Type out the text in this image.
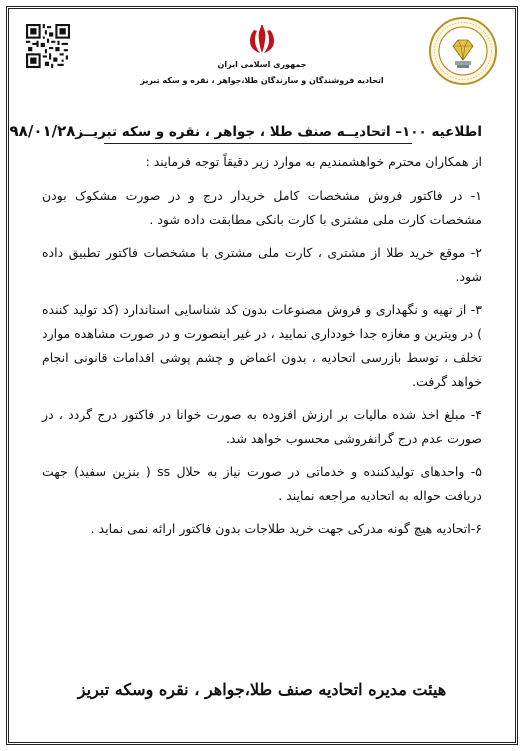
جمهوری اسلامی ایران
اتحادیه فروشندگان و سازندگان طلا،جواهر ، نقره و سکه تبریز
اطلاعیه ۱۰۰– اتحادیــه صنف طلا ، جواهر ، نقره و سکه تبریــز
۹۸/۰۱/۲۸

از همکاران محترم خواهشمندیم به موارد زیر دقیقاً توجه فرمایند :

۱- در فاکتور فروش مشخصات کامل خریدار درج و در صورت مشکوک بودن مشخصات کارت ملی مشتری با کارت بانکی مطابقت داده شود .

۲- موقع خرید طلا از مشتری ، کارت ملی مشتری با مشخصات فاکتور تطبیق داده شود.

۳- از تهیه و نگهداری و فروش مصنوعات بدون کد شناسایی استاندارد (کد تولید کننده ) در ویترین و مغازه جدا خودداری نمایید ، در غیر اینصورت و در صورت مشاهده موارد تخلف ، توسط بازرسی اتحادیه ، بدون اغماض و چشم پوشی اقدامات قانونی انجام خواهد گرفت.

۴- مبلغ اخذ شده مالیات بر ارزش افزوده به صورت خوانا در فاکتور درج گردد ، در صورت عدم درج گرانفروشی محسوب خواهد شد.

۵- واحدهای تولیدکننده و خدماتی در صورت نیاز به حلال ss ( بنزین سفید) جهت دریافت حواله به اتحادیه مراجعه نمایند .

۶-اتحادیه هیچ گونه مدرکی جهت خرید طلاجات بدون فاکتور ارائه نمی نماید .

هیئت مدیره اتحادیه صنف طلا،جواهر ، نقره وسکه تبریز
